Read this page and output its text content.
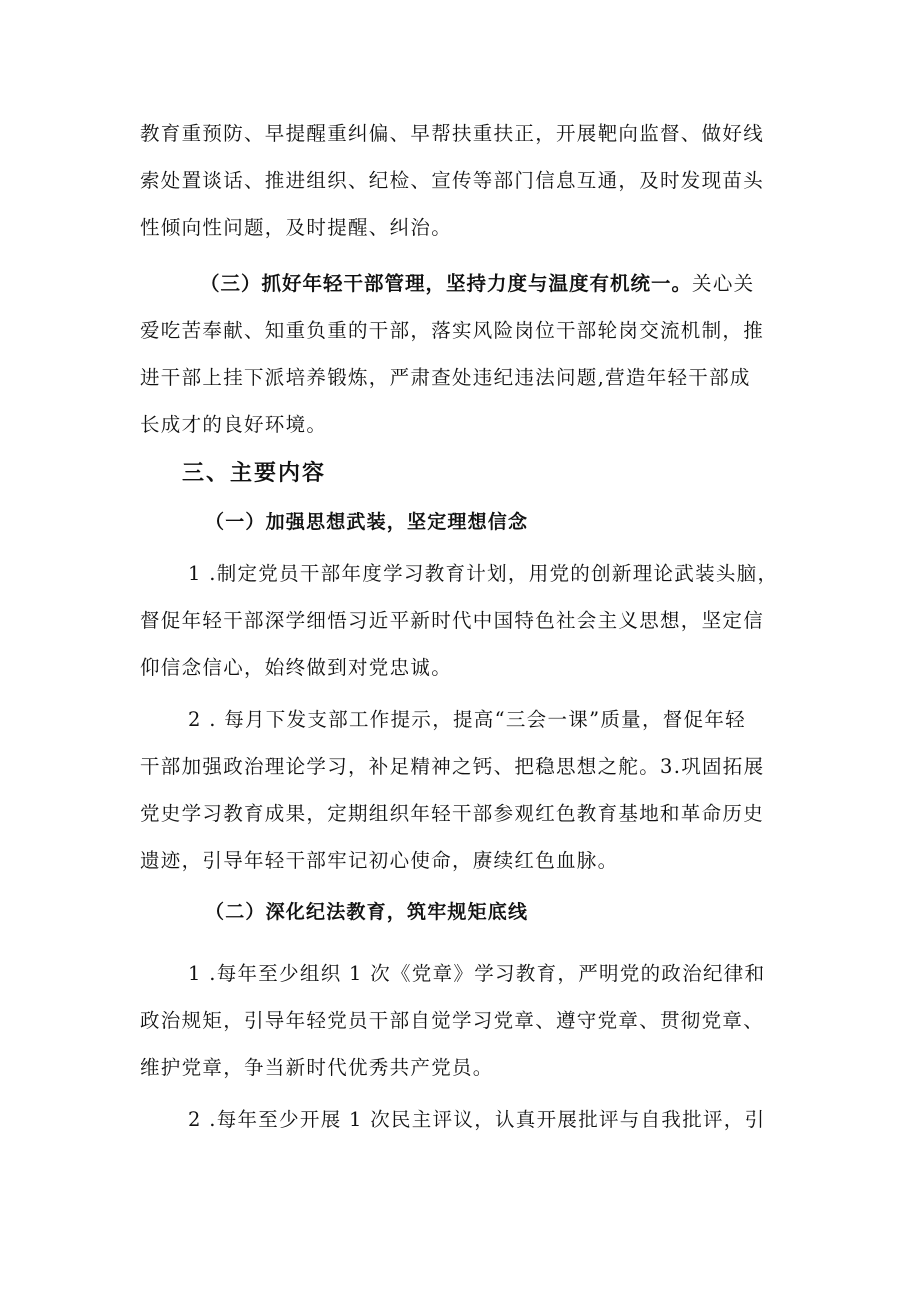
教育重预防、早提醒重纠偏、早帮扶重扶正，开展靶向监督、做好线
索处置谈话、推进组织、纪检、宣传等部门信息互通，及时发现苗头
性倾向性问题，及时提醒、纠治。
（三）抓好年轻干部管理，坚持力度与温度有机统一。关心关
爱吃苦奉献、知重负重的干部，落实风险岗位干部轮岗交流机制，推
进干部上挂下派培养锻炼，严肃查处违纪违法问题,营造年轻干部成
长成才的良好环境。
三、主要内容
（一）加强思想武装，坚定理想信念
1 .制定党员干部年度学习教育计划，用党的创新理论武装头脑，
督促年轻干部深学细悟习近平新时代中国特色社会主义思想，坚定信
仰信念信心，始终做到对党忠诚。
2 . 每月下发支部工作提示，提高“三会一课”质量，督促年轻
干部加强政治理论学习，补足精神之钙、把稳思想之舵。3.巩固拓展
党史学习教育成果，定期组织年轻干部参观红色教育基地和革命历史
遗迹，引导年轻干部牢记初心使命，赓续红色血脉。
（二）深化纪法教育，筑牢规矩底线
1 .每年至少组织 1 次《党章》学习教育，严明党的政治纪律和
政治规矩，引导年轻党员干部自觉学习党章、遵守党章、贯彻党章、
维护党章，争当新时代优秀共产党员。
2 .每年至少开展 1 次民主评议，认真开展批评与自我批评，引
